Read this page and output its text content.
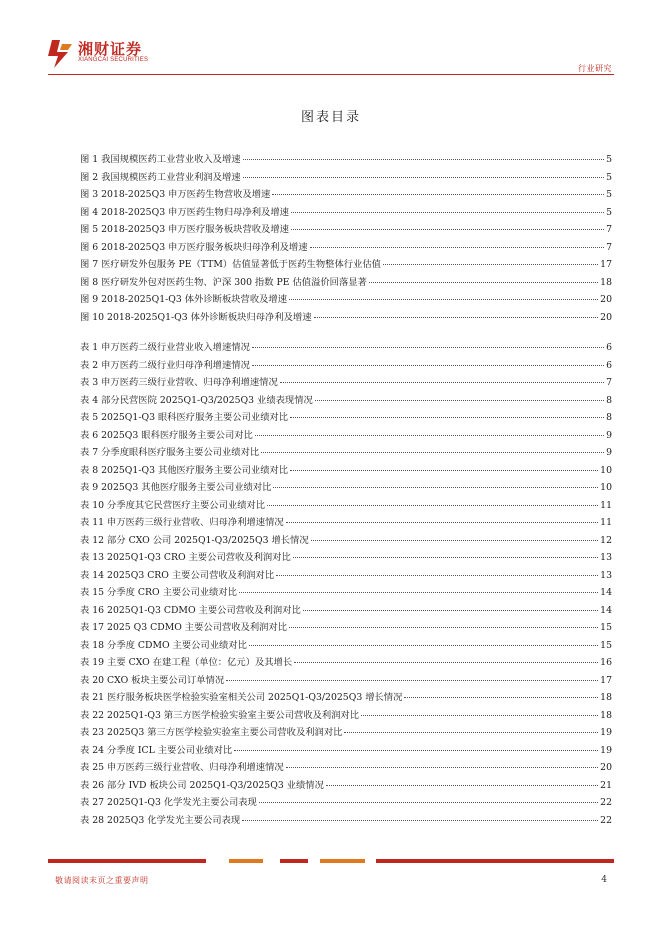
湘财证券
XIANGCAI SECURITIES
行业研究
图表目录
图 1 我国规模医药工业营业收入及增速	5
图 2 我国规模医药工业营业利润及增速	5
图 3 2018-2025Q3 申万医药生物营收及增速	5
图 4 2018-2025Q3 申万医药生物归母净利及增速	5
图 5 2018-2025Q3 申万医疗服务板块营收及增速	7
图 6 2018-2025Q3 申万医疗服务板块归母净利及增速	7
图 7 医疗研发外包服务 PE（TTM）估值显著低于医药生物整体行业估值	17
图 8 医疗研发外包对医药生物、沪深 300 指数 PE 估值溢价回落显著	18
图 9 2018-2025Q1-Q3 体外诊断板块营收及增速	20
图 10 2018-2025Q1-Q3 体外诊断板块归母净利及增速	20
表 1 申万医药二级行业营业收入增速情况	6
表 2 申万医药二级行业归母净利增速情况	6
表 3 申万医药三级行业营收、归母净利增速情况	7
表 4 部分民营医院 2025Q1-Q3/2025Q3 业绩表现情况	8
表 5 2025Q1-Q3 眼科医疗服务主要公司业绩对比	8
表 6 2025Q3 眼科医疗服务主要公司对比	9
表 7 分季度眼科医疗服务主要公司业绩对比	9
表 8 2025Q1-Q3 其他医疗服务主要公司业绩对比	10
表 9 2025Q3 其他医疗服务主要公司业绩对比	10
表 10 分季度其它民营医疗主要公司业绩对比	11
表 11 申万医药三级行业营收、归母净利增速情况	11
表 12 部分 CXO 公司 2025Q1-Q3/2025Q3 增长情况	12
表 13 2025Q1-Q3 CRO 主要公司营收及利润对比	13
表 14 2025Q3 CRO 主要公司营收及利润对比	13
表 15 分季度 CRO 主要公司业绩对比	14
表 16 2025Q1-Q3 CDMO 主要公司营收及利润对比	14
表 17 2025 Q3 CDMO 主要公司营收及利润对比	15
表 18 分季度 CDMO 主要公司业绩对比	15
表 19 主要 CXO 在建工程（单位：亿元）及其增长	16
表 20 CXO 板块主要公司订单情况	17
表 21 医疗服务板块医学检验实验室相关公司 2025Q1-Q3/2025Q3 增长情况	18
表 22 2025Q1-Q3 第三方医学检验实验室主要公司营收及利润对比	18
表 23 2025Q3 第三方医学检验实验室主要公司营收及利润对比	19
表 24 分季度 ICL 主要公司业绩对比	19
表 25 申万医药三级行业营收、归母净利增速情况	20
表 26 部分 IVD 板块公司 2025Q1-Q3/2025Q3 业绩情况	21
表 27 2025Q1-Q3 化学发光主要公司表现	22
表 28 2025Q3 化学发光主要公司表现	22
敬请阅读末页之重要声明	4
